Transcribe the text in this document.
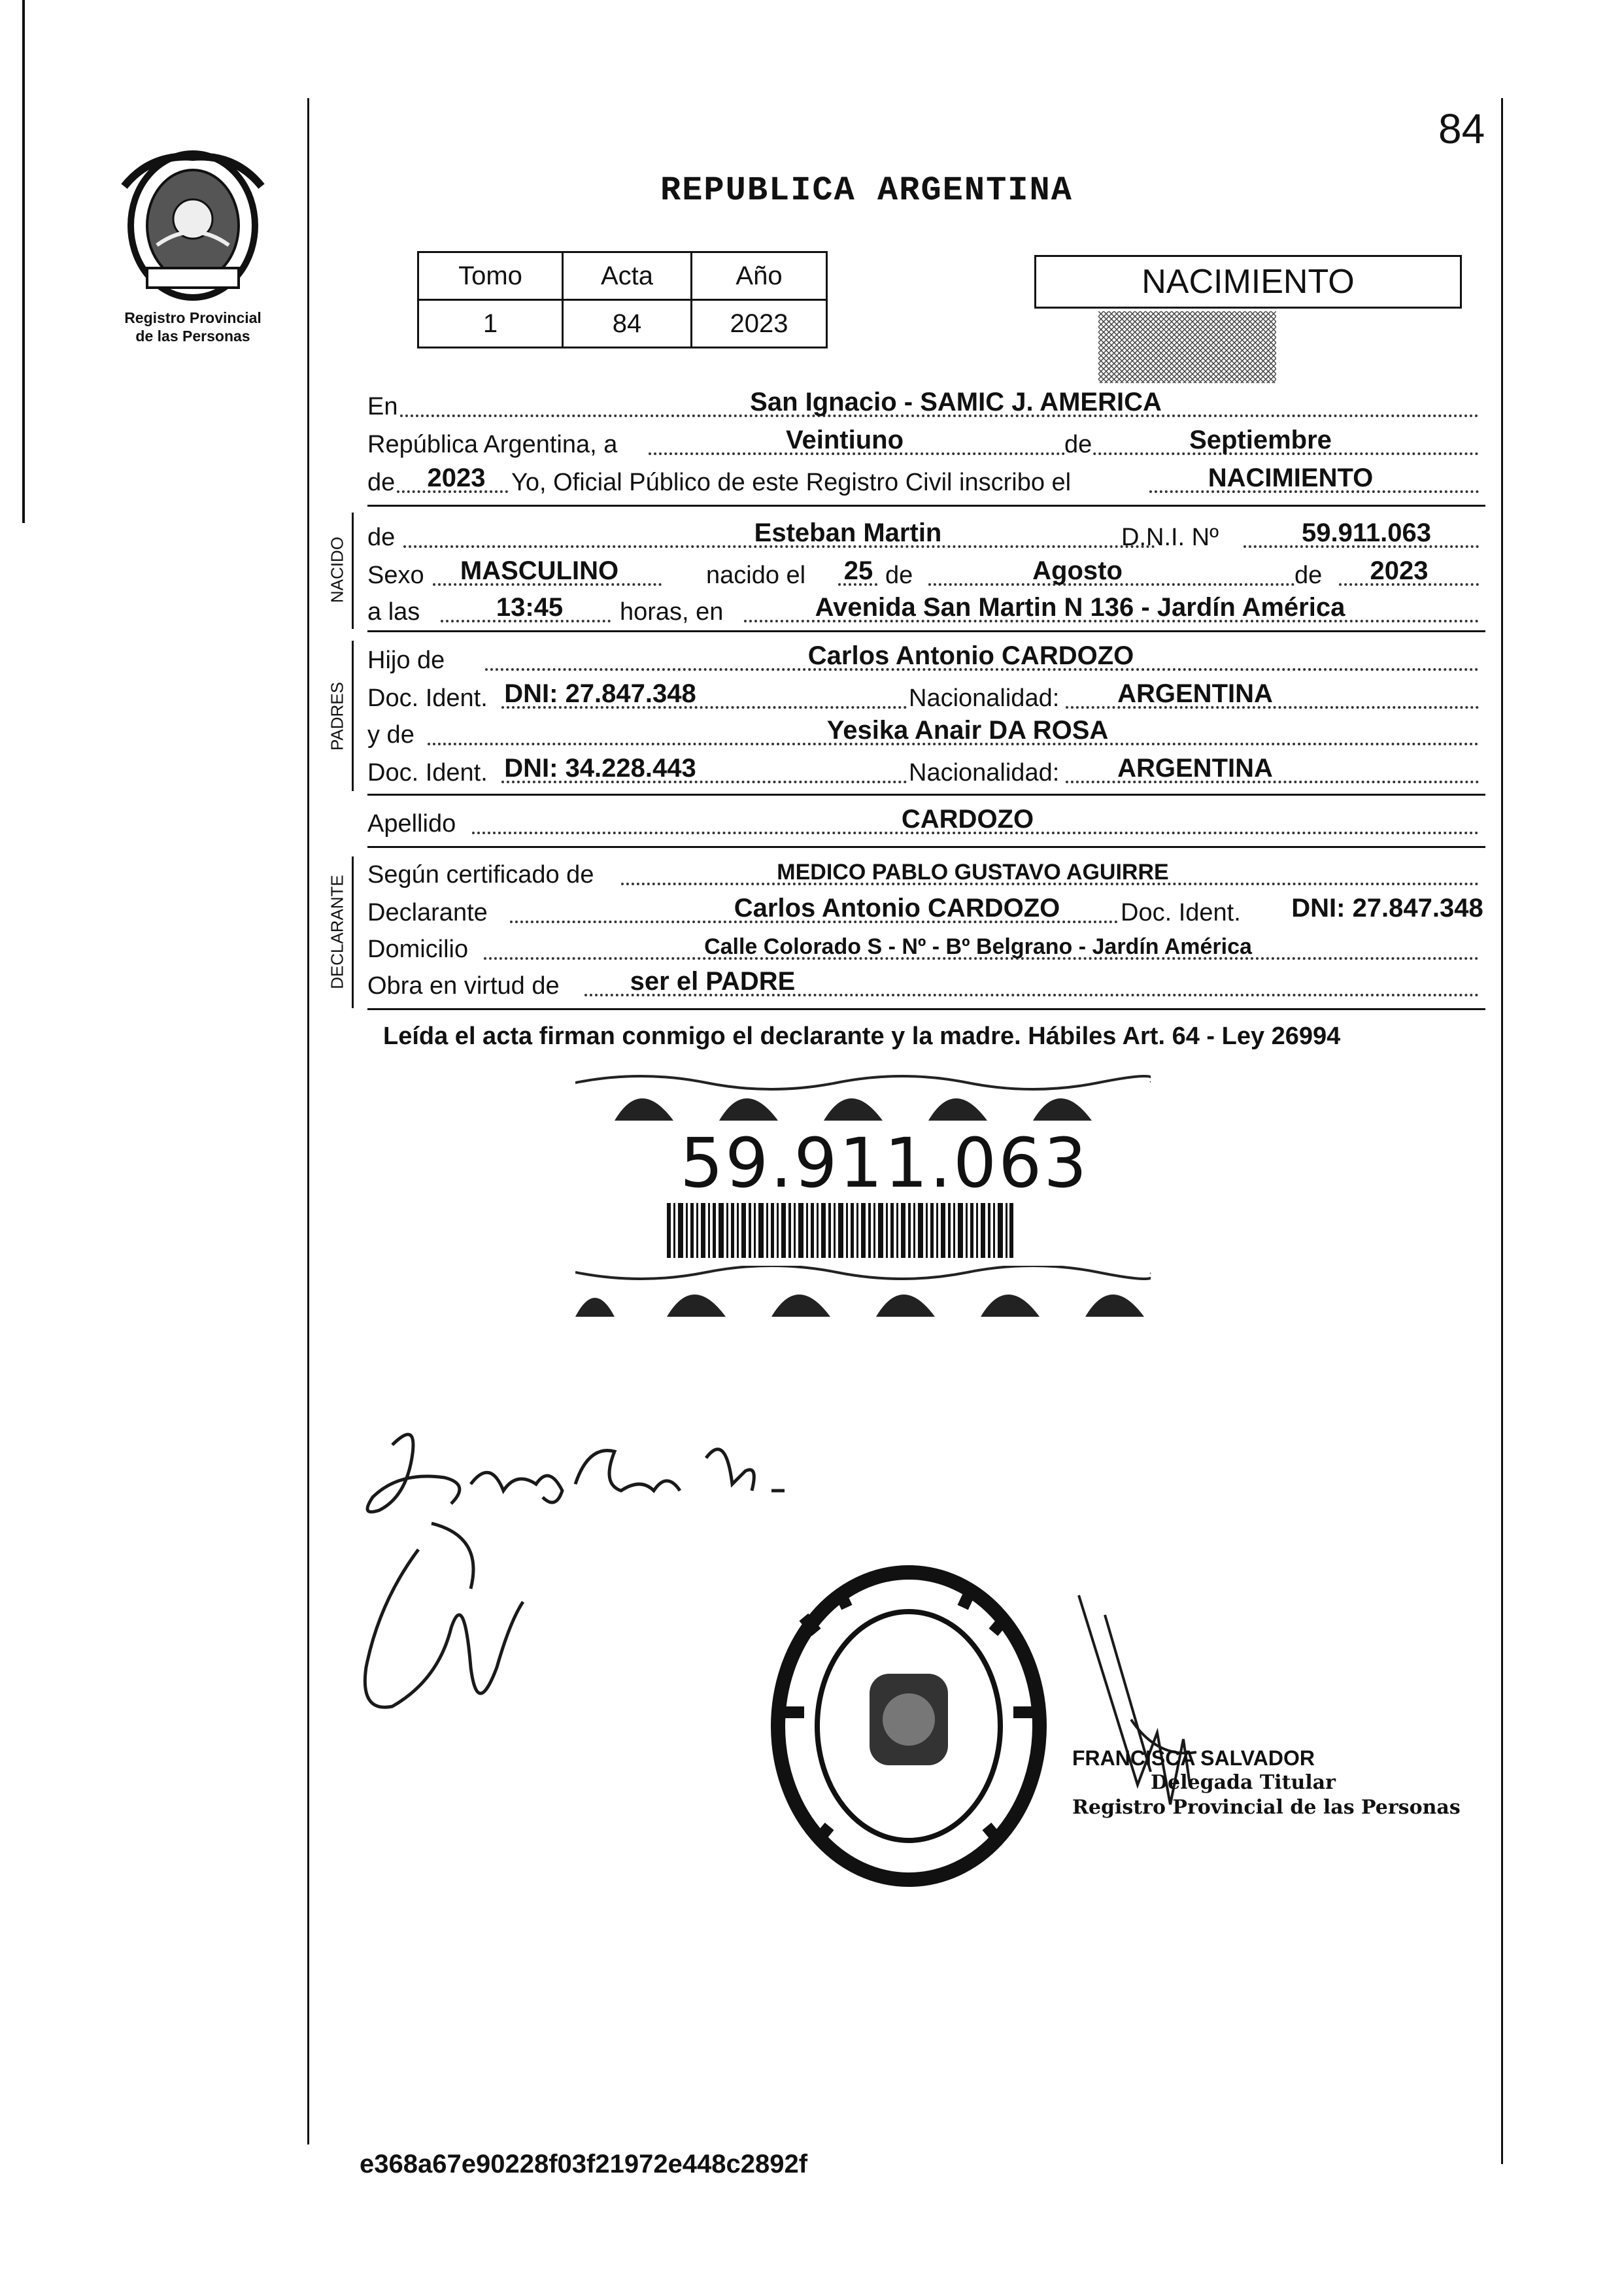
84
Registro Provincial
de las Personas
REPUBLICA ARGENTINA
Tomo	Acta	Año
1	84	2023
NACIMIENTO
En	San Ignacio - SAMIC J. AMERICA
República Argentina, a	Veintiuno	de	Septiembre
de 2023 Yo, Oficial Público de este Registro Civil inscribo el	NACIMIENTO
NACIDO de	Esteban Martin	D.N.I. Nº	59.911.063
Sexo MASCULINO	nacido el 25 de	Agosto	de 2023
a las	13:45 horas, en	Avenida San Martin N 136 - Jardín América
PADRES
Hijo de	Carlos Antonio CARDOZO
Doc. Ident. DNI: 27.847.348	Nacionalidad: ARGENTINA
y de	Yesika Anair DA ROSA
Doc. Ident. DNI: 34.228.443	Nacionalidad: ARGENTINA
Apellido	CARDOZO
DECLARANTE
Según certificado de	MEDICO PABLO GUSTAVO AGUIRRE
Declarante	Carlos Antonio CARDOZO Doc. Ident. DNI: 27.847.348
Domicilio	Calle Colorado S - Nº - Bº Belgrano - Jardín América
Obra en virtud de	ser el PADRE
Leída el acta firman conmigo el declarante y la madre. Hábiles Art. 64 - Ley 26994
59.911.063
FRANCISCA SALVADOR
Delegada Titular
Registro Provincial de las Personas
e368a67e90228f03f21972e448c2892f
